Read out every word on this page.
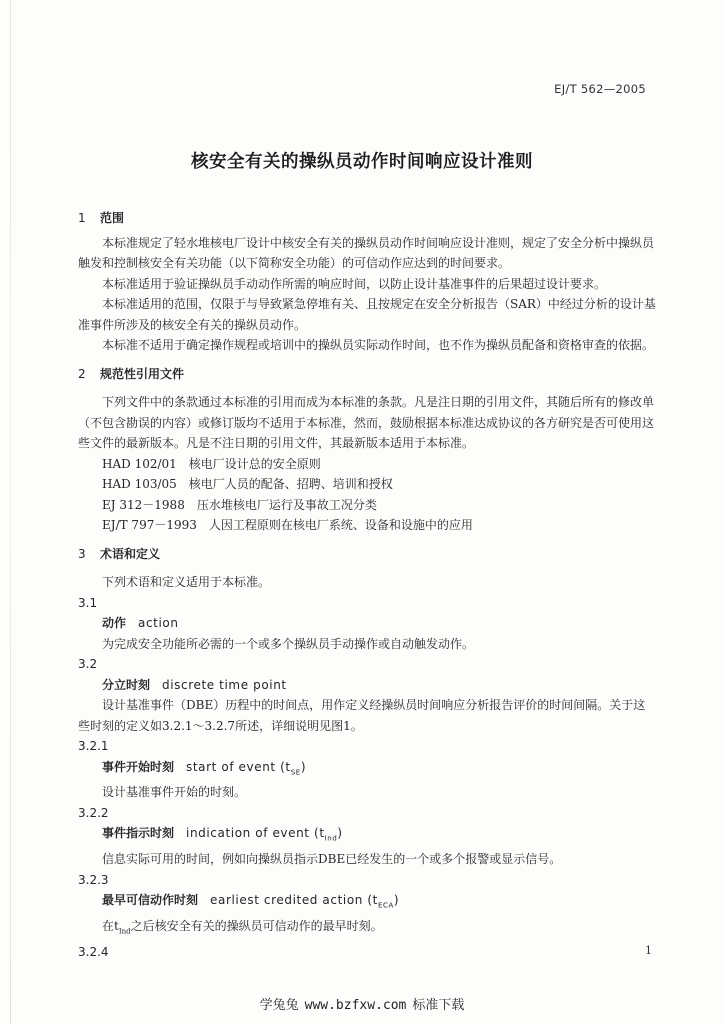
EJ/T 562—2005
核安全有关的操纵员动作时间响应设计准则

1 范围

本标准规定了轻水堆核电厂设计中核安全有关的操纵员动作时间响应设计准则，规定了安全分析中操纵员触发和控制核安全有关功能（以下简称安全功能）的可信动作应达到的时间要求。

本标准适用于验证操纵员手动动作所需的响应时间，以防止设计基准事件的后果超过设计要求。

本标准适用的范围，仅限于与导致紧急停堆有关、且按规定在安全分析报告（SAR）中经过分析的设计基准事件所涉及的核安全有关的操纵员动作。

本标准不适用于确定操作规程或培训中的操纵员实际动作时间，也不作为操纵员配备和资格审查的依据。

2 规范性引用文件

下列文件中的条款通过本标准的引用而成为本标准的条款。凡是注日期的引用文件，其随后所有的修改单（不包含勘误的内容）或修订版均不适用于本标准，然而，鼓励根据本标准达成协议的各方研究是否可使用这些文件的最新版本。凡是不注日期的引用文件，其最新版本适用于本标准。

HAD 102/01 核电厂设计总的安全原则

HAD 103/05 核电厂人员的配备、招聘、培训和授权

EJ 312－1988 压水堆核电厂运行及事故工况分类

EJ/T 797－1993 人因工程原则在核电厂系统、设备和设施中的应用

3 术语和定义

下列术语和定义适用于本标准。

3.1

动作 action

为完成安全功能所必需的一个或多个操纵员手动操作或自动触发动作。

3.2

分立时刻 discrete time point

设计基准事件（DBE）历程中的时间点，用作定义经操纵员时间响应分析报告评价的时间间隔。关于这些时刻的定义如3.2.1～3.2.7所述，详细说明见图1。

3.2.1

事件开始时刻 start of event $(t_{SE})$

设计基准事件开始的时刻。

3.2.2

事件指示时刻 indication of event $(t_{Ind})$

信息实际可用的时间，例如向操纵员指示DBE已经发生的一个或多个报警或显示信号。

3.2.3

最早可信动作时刻 earliest credited action $(t_{ECA})$

在$t_{Ind}$之后核安全有关的操纵员可信动作的最早时刻。

3.2.4	1
学兔兔 www.bzfxw.com 标准下载
